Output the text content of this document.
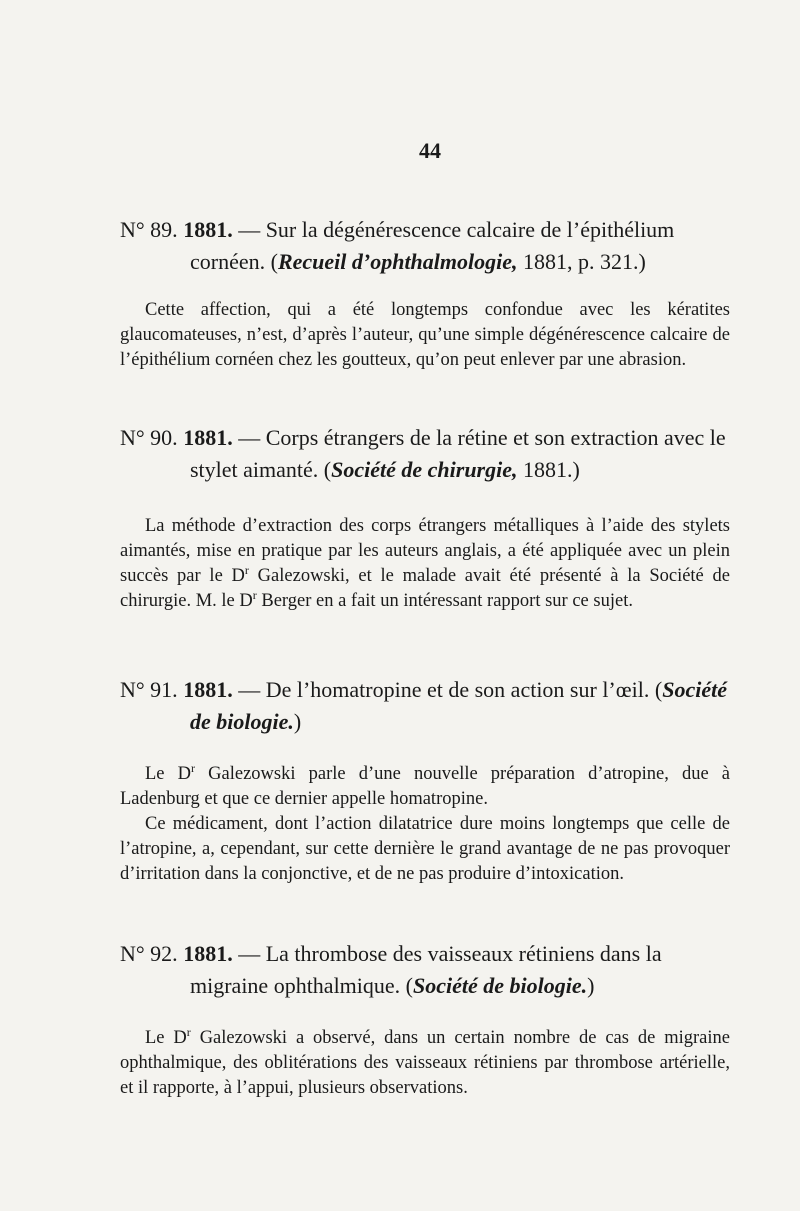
44
N° 89. 1881. — Sur la dégénérescence calcaire de l’épithélium cornéen. (Recueil d’ophthalmologie, 1881, p. 321.)

Cette affection, qui a été longtemps confondue avec les kératites glaucomateuses, n’est, d’après l’auteur, qu’une simple dégénérescence calcaire de l’épithélium cornéen chez les goutteux, qu’on peut enlever par une abrasion.

N° 90. 1881. — Corps étrangers de la rétine et son extraction avec le stylet aimanté. (Société de chirurgie, 1881.)

La méthode d’extraction des corps étrangers métalliques à l’aide des stylets aimantés, mise en pratique par les auteurs anglais, a été appliquée avec un plein succès par le $D^r$ Galezowski, et le malade avait été présenté à la Société de chirurgie. M. le $D^r$ Berger en a fait un intéressant rapport sur ce sujet.

N° 91. 1881. — De l’homatropine et de son action sur l’œil. (Société de biologie.)

Le $D^r$ Galezowski parle d’une nouvelle préparation d’atropine, due à Ladenburg et que ce dernier appelle homatropine.

Ce médicament, dont l’action dilatatrice dure moins longtemps que celle de l’atropine, a, cependant, sur cette dernière le grand avantage de ne pas provoquer d’irritation dans la conjonctive, et de ne pas produire d’intoxication.

N° 92. 1881. — La thrombose des vaisseaux rétiniens dans la migraine ophthalmique. (Société de biologie.)

Le $D^r$ Galezowski a observé, dans un certain nombre de cas de migraine ophthalmique, des oblitérations des vaisseaux rétiniens par thrombose artérielle, et il rapporte, à l’appui, plusieurs observations.
